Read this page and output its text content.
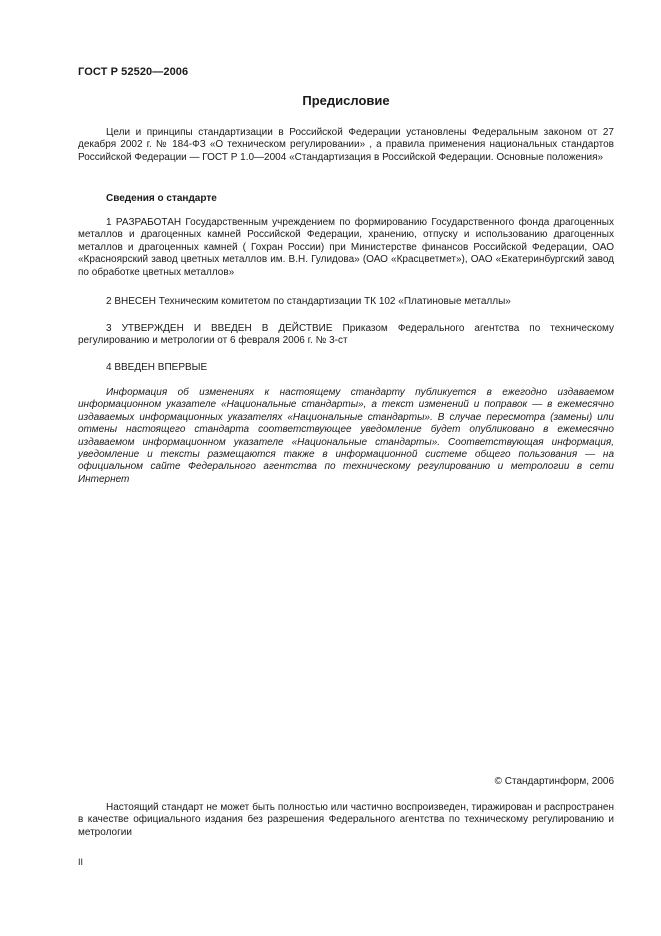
ГОСТ Р 52520—2006
Предисловие

Цели и принципы стандартизации в Российской Федерации установлены Федеральным законом от 27 декабря 2002 г. № 184-ФЗ «О техническом регулировании» , а правила применения национальных стандартов Российской Федерации — ГОСТ Р 1.0—2004 «Стандартизация в Российской Федерации. Основные положения»

Сведения о стандарте

1 РАЗРАБОТАН Государственным учреждением по формированию Государственного фонда драгоценных металлов и драгоценных камней Российской Федерации, хранению, отпуску и использованию драгоценных металлов и драгоценных камней ( Гохран России) при Министерстве финансов Российской Федерации, ОАО «Красноярский завод цветных металлов им. В.Н. Гулидова» (ОАО «Красцветмет»), ОАО «Екатеринбургский завод по обработке цветных металлов»

2 ВНЕСЕН Техническим комитетом по стандартизации ТК 102 «Платиновые металлы»

3 УТВЕРЖДЕН И ВВЕДЕН В ДЕЙСТВИЕ Приказом Федерального агентства по техническому регулированию и метрологии от 6 февраля 2006 г. № 3-ст

4 ВВЕДЕН ВПЕРВЫЕ

Информация об изменениях к настоящему стандарту публикуется в ежегодно издаваемом информационном указателе «Национальные стандарты», а текст изменений и поправок — в ежемесячно издаваемых информационных указателях «Национальные стандарты». В случае пересмотра (замены) или отмены настоящего стандарта соответствующее уведомление будет опубликовано в ежемесячно издаваемом информационном указателе «Национальные стандарты». Соответствующая информация, уведомление и тексты размещаются также в информационной системе общего пользования — на официальном сайте Федерального агентства по техническому регулированию и метрологии в сети Интернет

© Стандартинформ, 2006

Настоящий стандарт не может быть полностью или частично воспроизведен, тиражирован и распространен в качестве официального издания без разрешения Федерального агентства по техническому регулированию и метрологии

II
